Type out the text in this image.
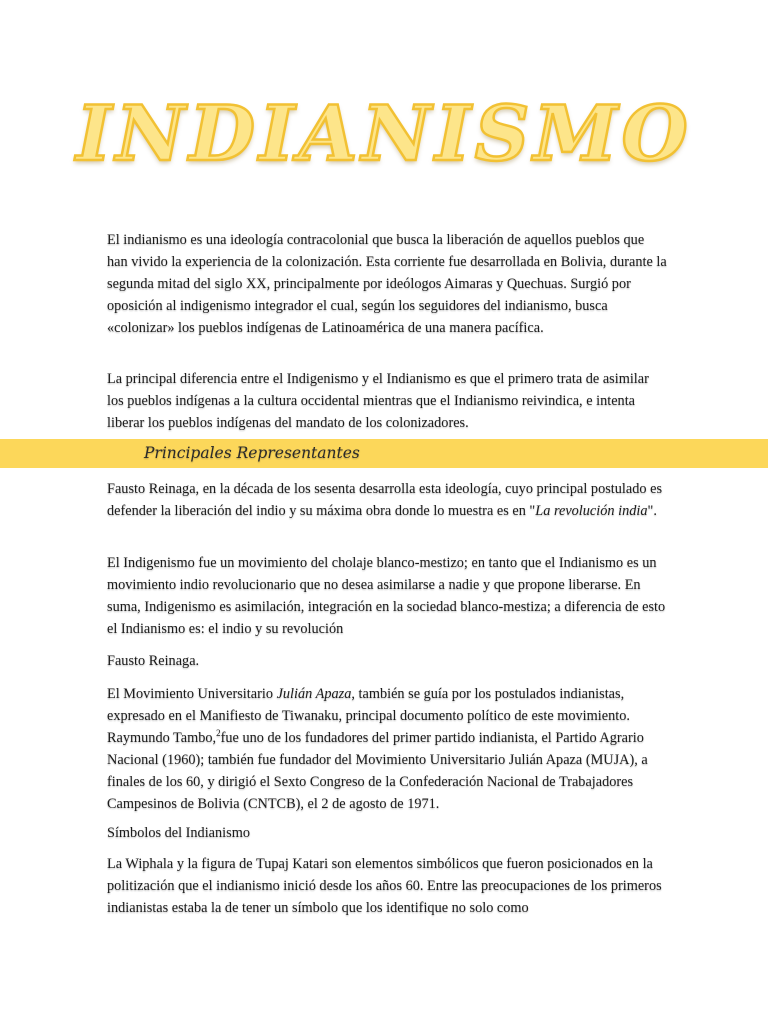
INDIANISMO

El indianismo es una ideología contracolonial que busca la liberación de aquellos pueblos que han vivido la experiencia de la colonización. Esta corriente fue desarrollada en Bolivia, durante la segunda mitad del siglo XX, principalmente por ideólogos Aimaras y Quechuas. Surgió por oposición al indigenismo integrador el cual, según los seguidores del indianismo, busca «colonizar» los pueblos indígenas de Latinoamérica de una manera pacífica.

La principal diferencia entre el Indigenismo y el Indianismo es que el primero trata de asimilar los pueblos indígenas a la cultura occidental mientras que el Indianismo reivindica, e intenta liberar los pueblos indígenas del mandato de los colonizadores.

Principales Representantes

Fausto Reinaga, en la década de los sesenta desarrolla esta ideología, cuyo principal postulado es defender la liberación del indio y su máxima obra donde lo muestra es en "La revolución india".

El Indigenismo fue un movimiento del cholaje blanco-mestizo; en tanto que el Indianismo es un movimiento indio revolucionario que no desea asimilarse a nadie y que propone liberarse. En suma, Indigenismo es asimilación, integración en la sociedad blanco-mestiza; a diferencia de esto el Indianismo es: el indio y su revolución

Fausto Reinaga.

El Movimiento Universitario Julián Apaza, también se guía por los postulados indianistas, expresado en el Manifiesto de Tiwanaku, principal documento político de este movimiento. Raymundo Tambo,$^2$fue uno de los fundadores del primer partido indianista, el Partido Agrario Nacional (1960); también fue fundador del Movimiento Universitario Julián Apaza (MUJA), a finales de los 60, y dirigió el Sexto Congreso de la Confederación Nacional de Trabajadores Campesinos de Bolivia (CNTCB), el 2 de agosto de 1971.

Símbolos del Indianismo

La Wiphala y la figura de Tupaj Katari son elementos simbólicos que fueron posicionados en la politización que el indianismo inició desde los años 60. Entre las preocupaciones de los primeros indianistas estaba la de tener un símbolo que los identifique no solo como
